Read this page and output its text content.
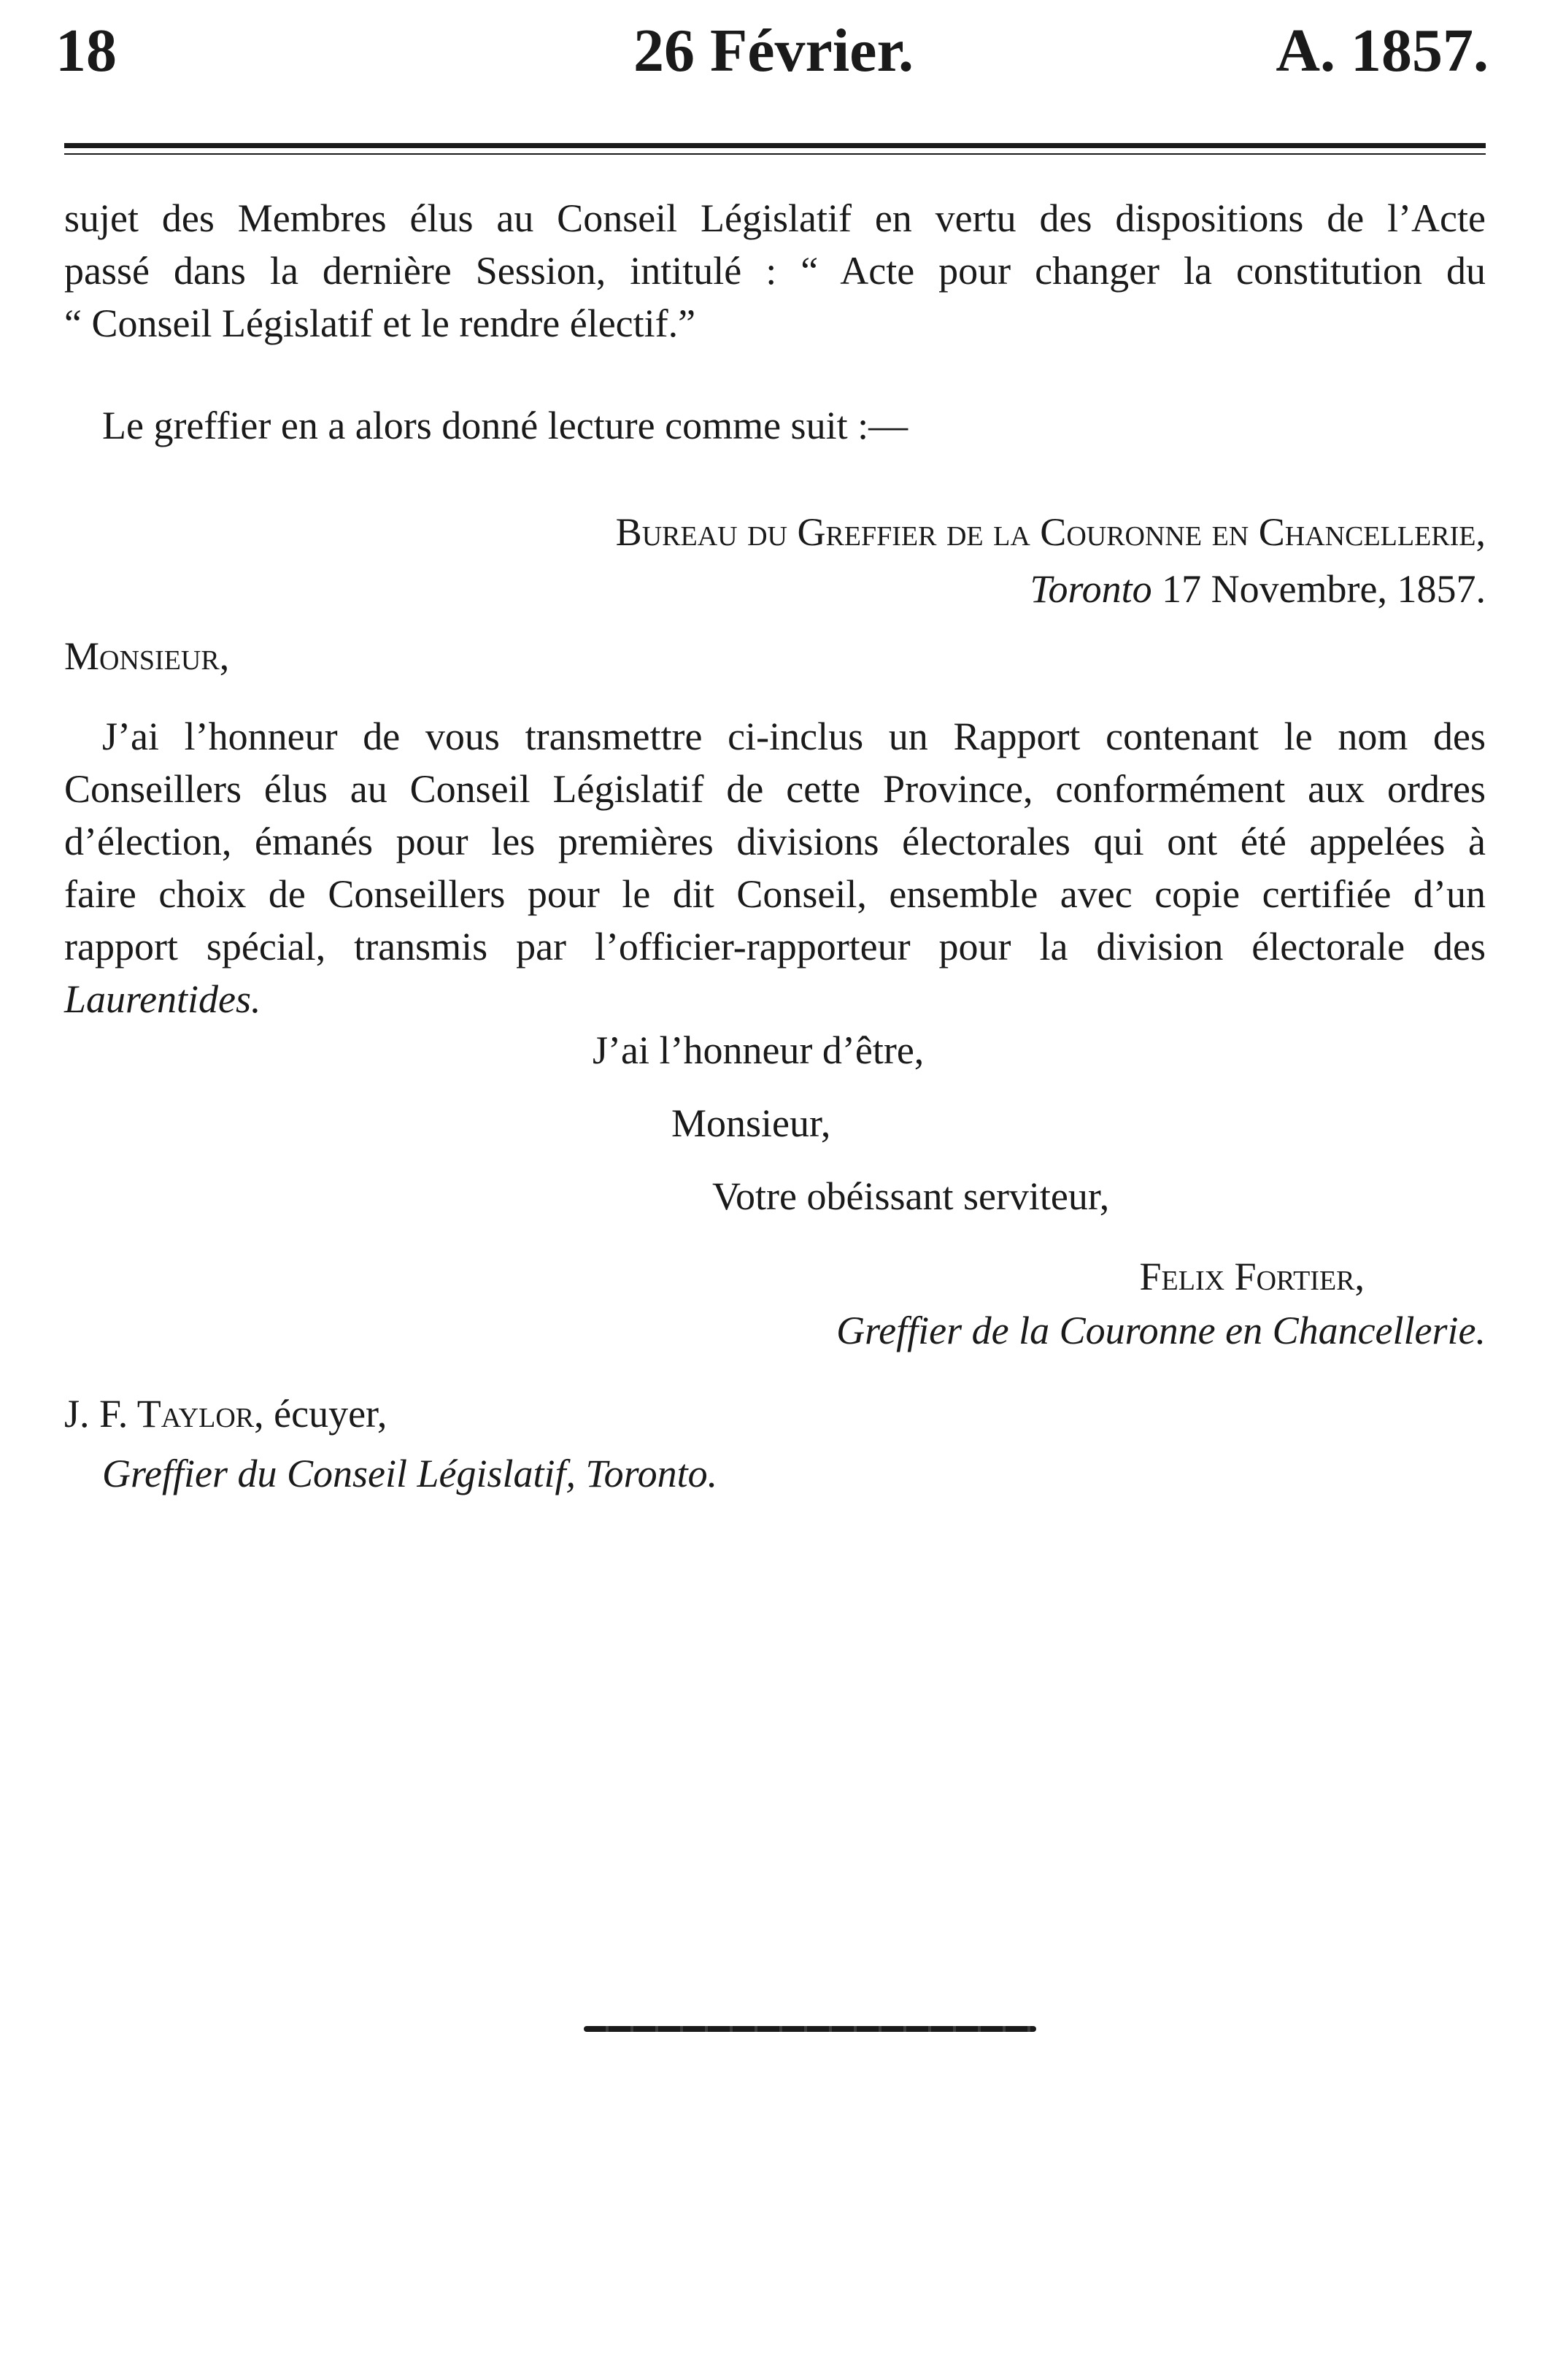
18	26 Février.	A. 1857.
sujet des Membres élus au Conseil Législatif en vertu des dispositions de l’Acte
passé dans la dernière Session, intitulé : “ Acte pour changer la constitution du
“ Conseil Législatif et le rendre électif.”
Le greffier en a alors donné lecture comme suit :—
Bureau du Greffier de la Couronne en Chancellerie,
Toronto 17 Novembre, 1857.
Monsieur,
J’ai l’honneur de vous transmettre ci-inclus un Rapport contenant le nom des
Conseillers élus au Conseil Législatif de cette Province, conformément aux ordres
d’élection, émanés pour les premières divisions électorales qui ont été appelées à
faire choix de Conseillers pour le dit Conseil, ensemble avec copie certifiée d’un
rapport spécial, transmis par l’officier-rapporteur pour la division électorale des
Laurentides.
J’ai l’honneur d’être,
Monsieur,
Votre obéissant serviteur,
Felix Fortier,
Greffier de la Couronne en Chancellerie.
J. F. Taylor, écuyer,
Greffier du Conseil Législatif, Toronto.
